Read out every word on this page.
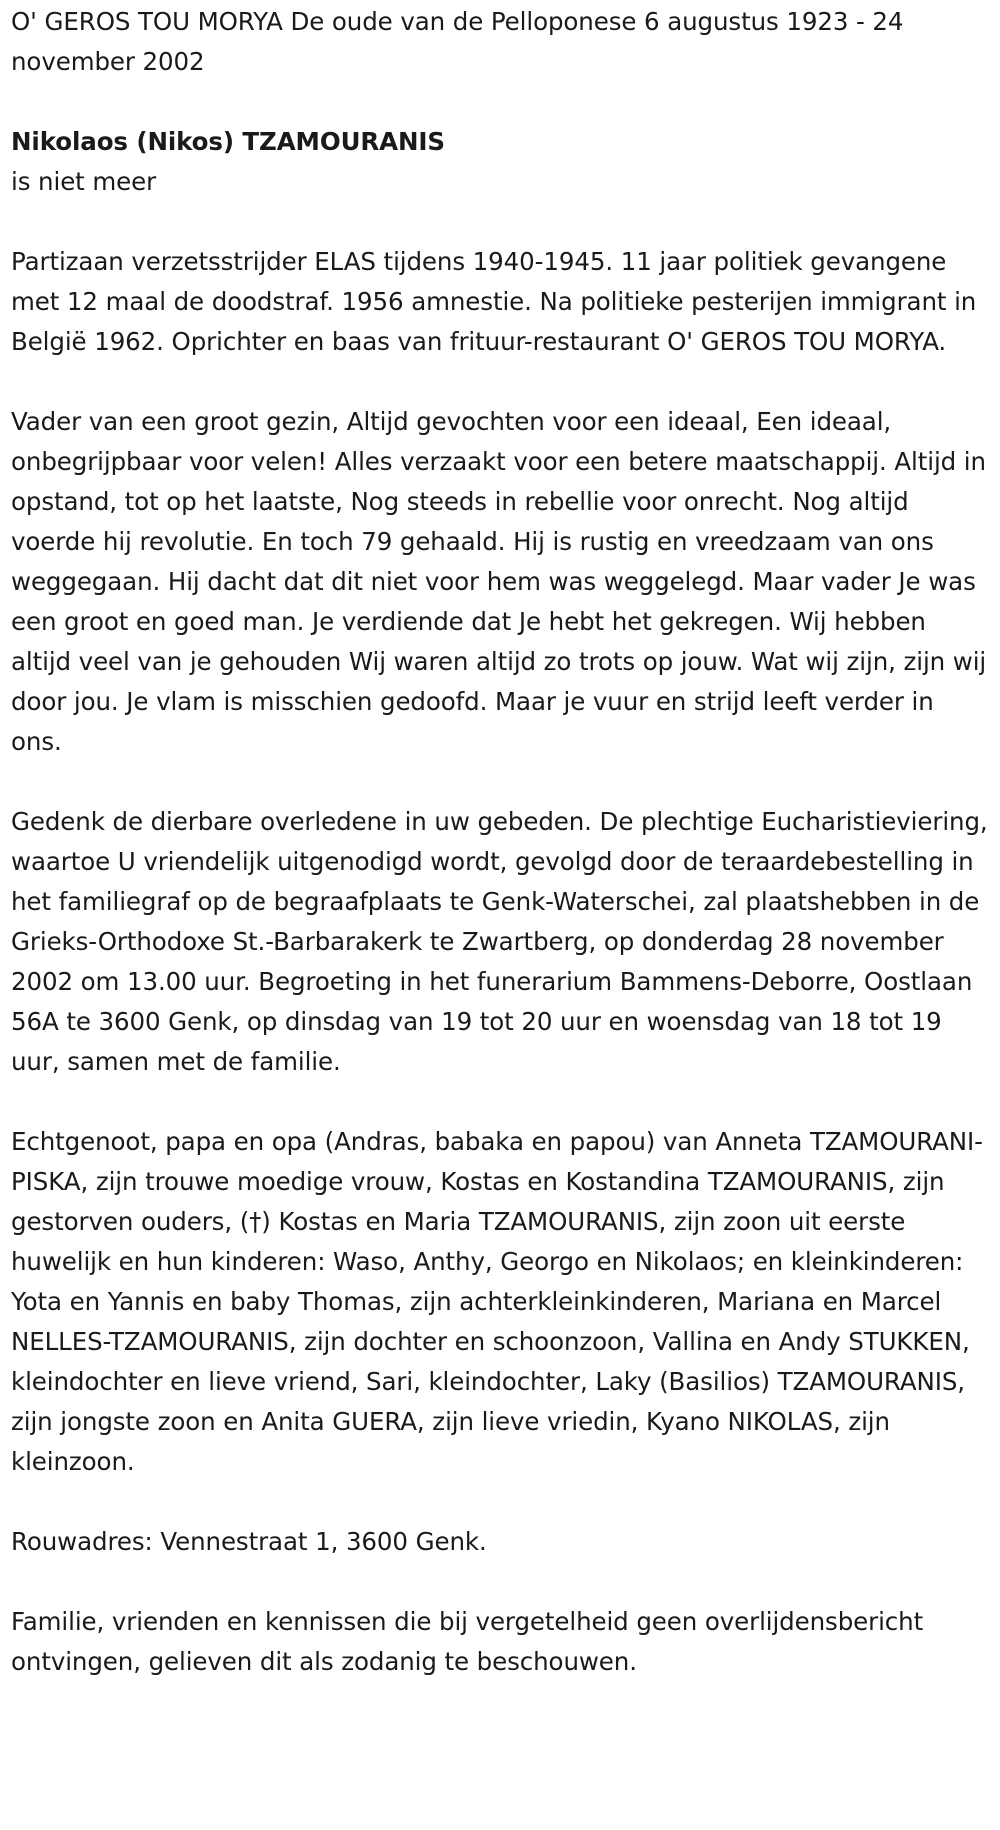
O' GEROS TOU MORYA De oude van de Pelloponese 6 augustus 1923 - 24 november 2002

Nikolaos (Nikos) TZAMOURANIS

is niet meer

Partizaan verzetsstrijder ELAS tijdens 1940-1945. 11 jaar politiek gevangene met 12 maal de doodstraf. 1956 amnestie. Na politieke pesterijen immigrant in België 1962. Oprichter en baas van frituur-restaurant O' GEROS TOU MORYA.

Vader van een groot gezin, Altijd gevochten voor een ideaal, Een ideaal, onbegrijpbaar voor velen! Alles verzaakt voor een betere maatschappij. Altijd in opstand, tot op het laatste, Nog steeds in rebellie voor onrecht. Nog altijd voerde hij revolutie. En toch 79 gehaald. Hij is rustig en vreedzaam van ons weggegaan. Hij dacht dat dit niet voor hem was weggelegd. Maar vader Je was een groot en goed man. Je verdiende dat Je hebt het gekregen. Wij hebben altijd veel van je gehouden Wij waren altijd zo trots op jouw. Wat wij zijn, zijn wij door jou. Je vlam is misschien gedoofd. Maar je vuur en strijd leeft verder in ons.

Gedenk de dierbare overledene in uw gebeden. De plechtige Eucharistieviering, waartoe U vriendelijk uitgenodigd wordt, gevolgd door de teraardebestelling in het familiegraf op de begraafplaats te Genk-Waterschei, zal plaatshebben in de Grieks-Orthodoxe St.-Barbarakerk te Zwartberg, op donderdag 28 november 2002 om 13.00 uur. Begroeting in het funerarium Bammens-Deborre, Oostlaan 56A te 3600 Genk, op dinsdag van 19 tot 20 uur en woensdag van 18 tot 19 uur, samen met de familie.

Echtgenoot, papa en opa (Andras, babaka en papou) van Anneta TZAMOURANI-PISKA, zijn trouwe moedige vrouw, Kostas en Kostandina TZAMOURANIS, zijn gestorven ouders, (†) Kostas en Maria TZAMOURANIS, zijn zoon uit eerste huwelijk en hun kinderen: Waso, Anthy, Georgo en Nikolaos; en kleinkinderen: Yota en Yannis en baby Thomas, zijn achterkleinkinderen, Mariana en Marcel NELLES-TZAMOURANIS, zijn dochter en schoonzoon, Vallina en Andy STUKKEN, kleindochter en lieve vriend, Sari, kleindochter, Laky (Basilios) TZAMOURANIS, zijn jongste zoon en Anita GUERA, zijn lieve vriedin, Kyano NIKOLAS, zijn kleinzoon.

Rouwadres: Vennestraat 1, 3600 Genk.

Familie, vrienden en kennissen die bij vergetelheid geen overlijdensbericht ontvingen, gelieven dit als zodanig te beschouwen.
